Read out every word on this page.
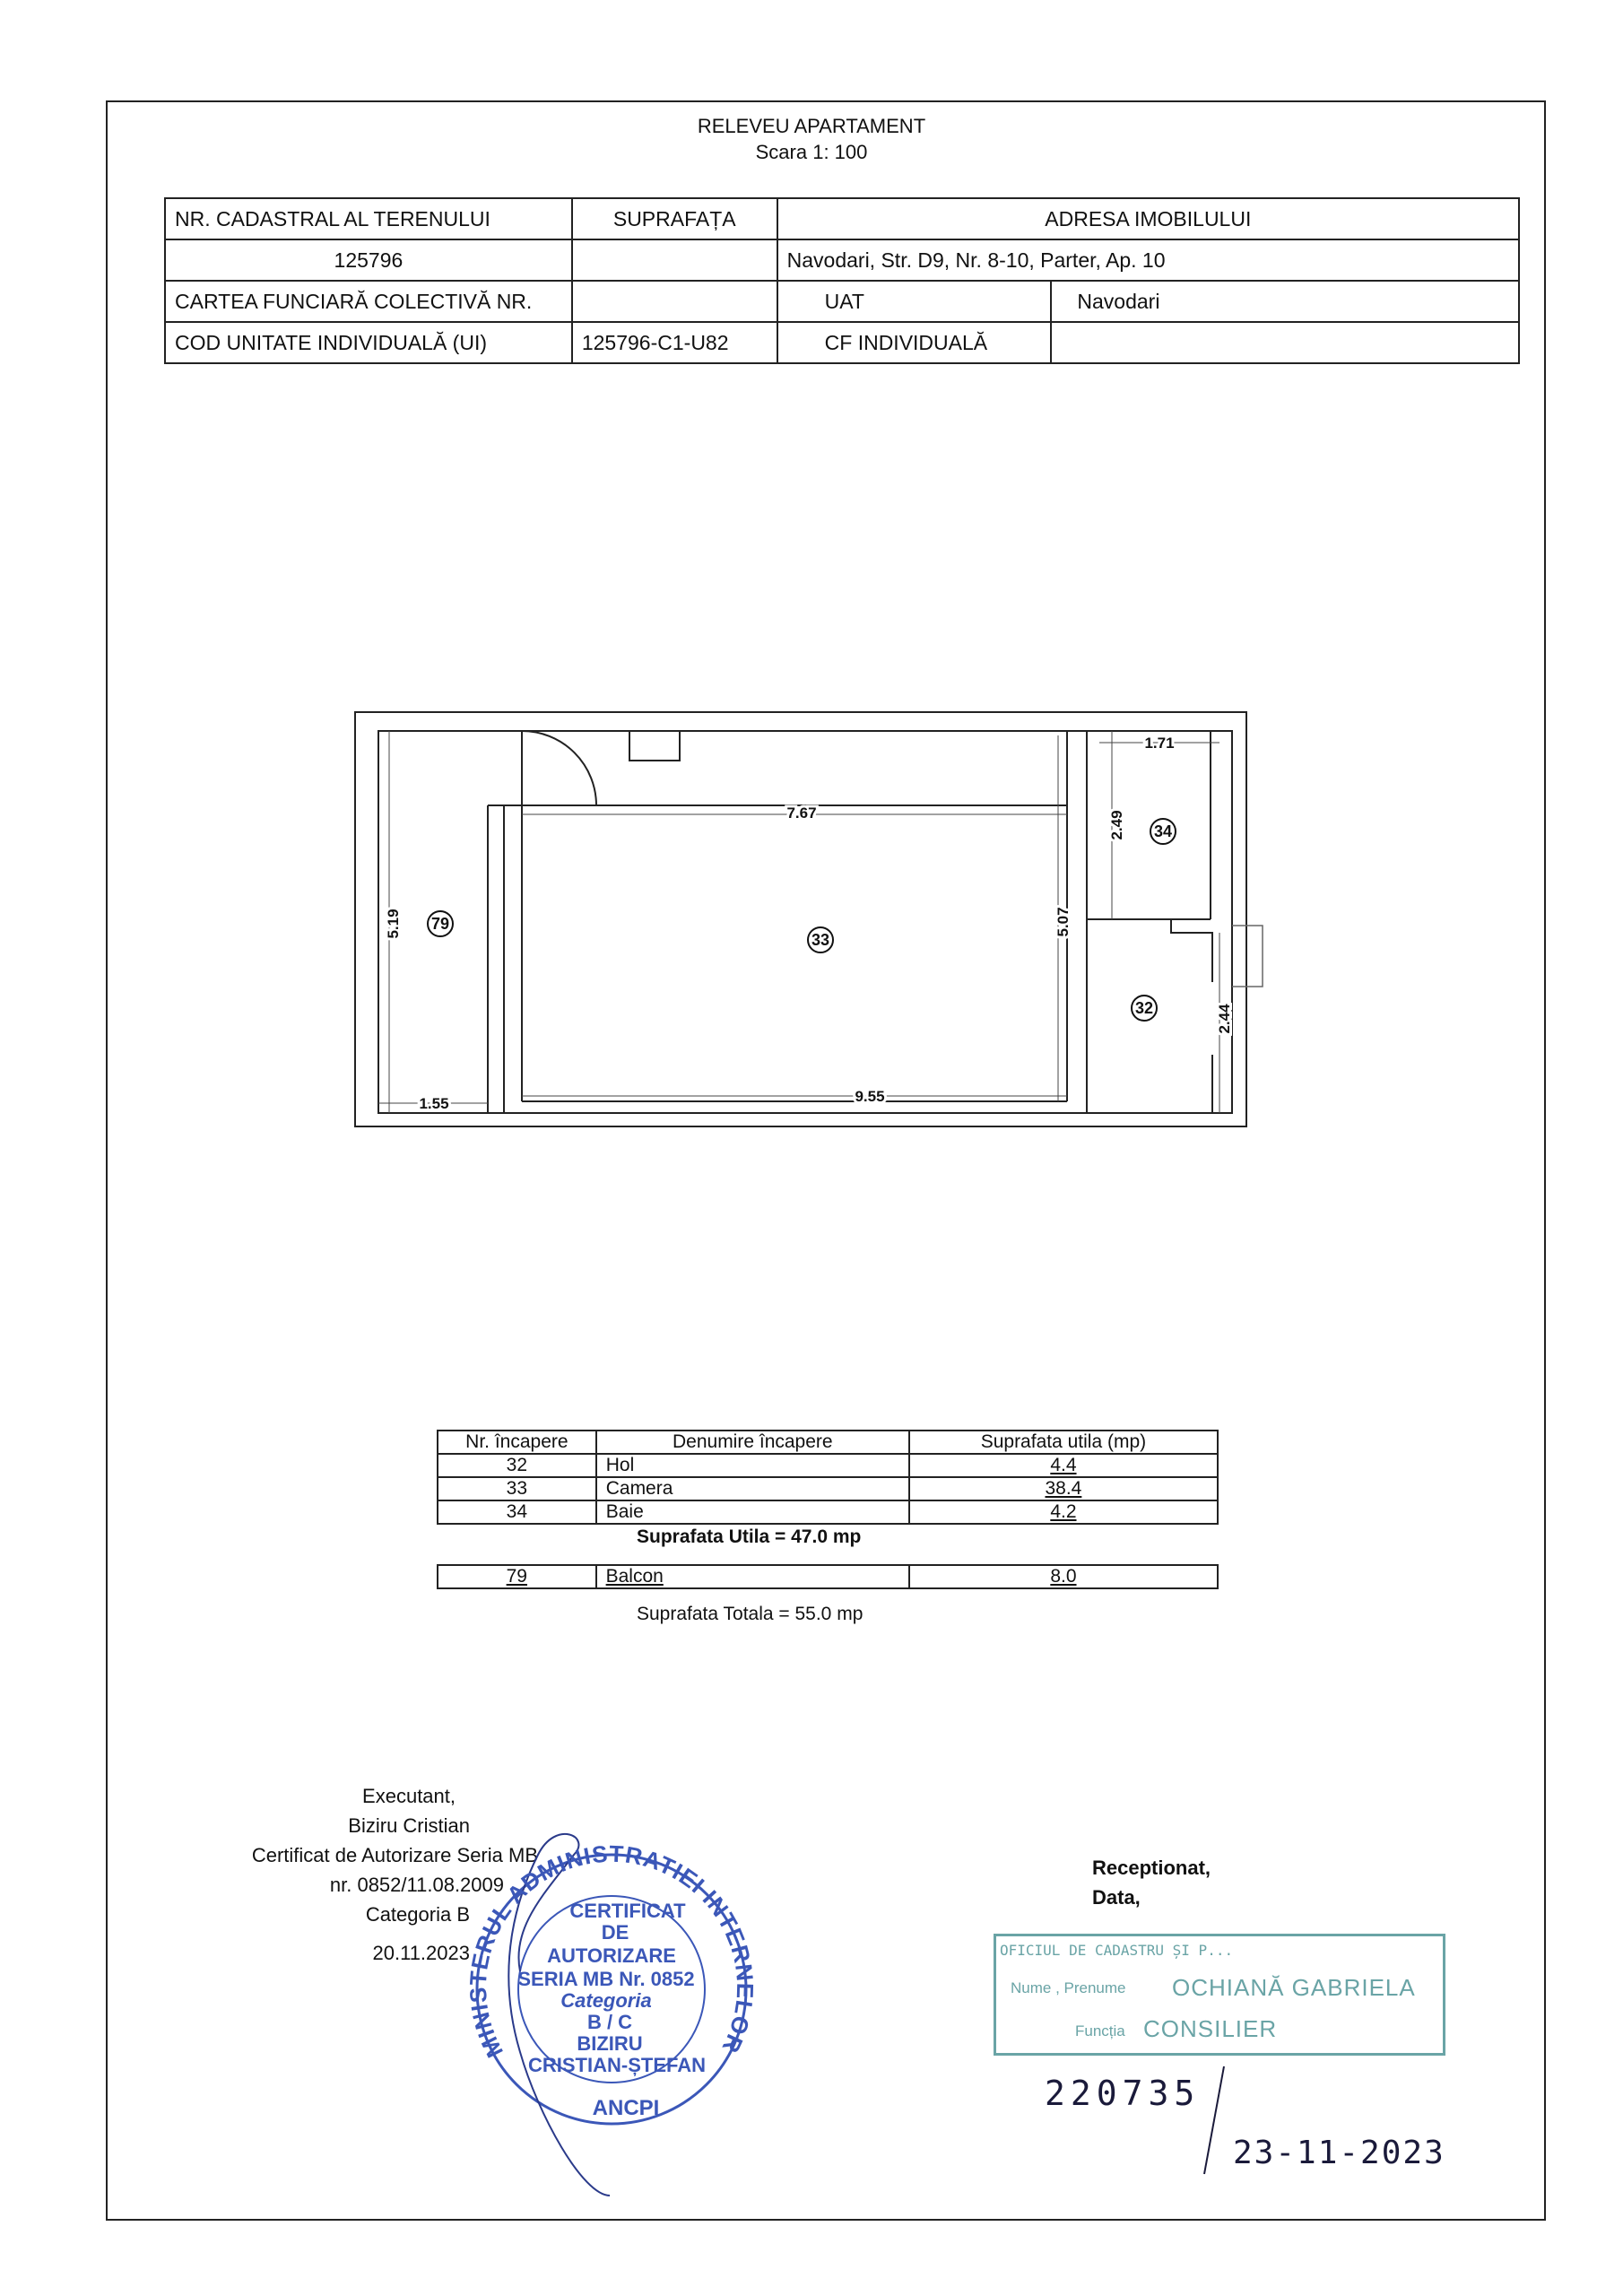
RELEVEU APARTAMENT
Scara 1: 100
NR. CADASTRAL AL TERENULUI	SUPRAFAȚA	ADRESA IMOBILULUI	
125796		Navodari, Str. D9, Nr. 8-10, Parter, Ap. 10	
CARTEA FUNCIARĂ COLECTIVĂ NR.		UAT	Navodari
COD UNITATE INDIVIDUALĂ (UI)	125796-C1-U82	CF INDIVIDUALĂ	
7.67
5.19	5.07
1.71
2.49
2.44
1.55	9.55
79
33
34
32
Nr. încapere	Denumire încapere	Suprafata utila (mp)
32	Hol	4.4
33	Camera	38.4
34	Baie	4.2
Suprafata Utila = 47.0 mp
79	Balcon	8.0
Suprafata Totala = 55.0 mp
Executant,
Biziru Cristian
Certificat de Autorizare Seria MB
nr. 0852/11.08.2009
Categoria B
20.11.2023
MINISTERUL ADMINISTRATIEI INTERNELOR
CERTIFICAT
DE
AUTORIZARE
SERIA MB Nr. 0852
Categoria
B / C
BIZIRU
CRISTIAN-ȘTEFAN
ANCPI
Receptionat,
Data,
OFICIUL DE CADASTRU ȘI P...
Nume , Prenume OCHIANĂ GABRIELA
Funcția CONSILIER
220735
23-11-2023
